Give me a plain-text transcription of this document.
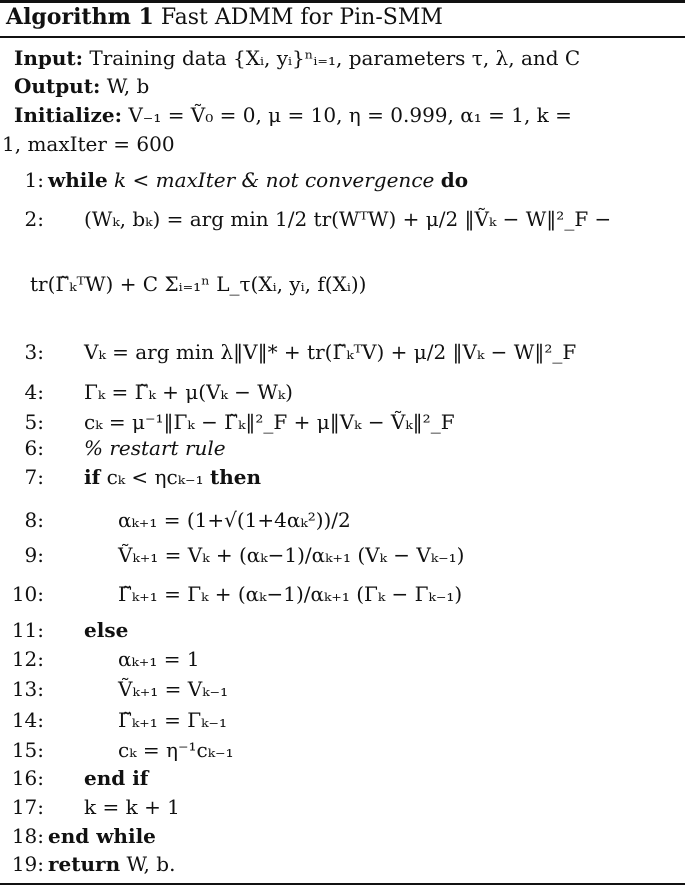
Algorithm 1 Fast ADMM for Pin-SMM
Input: Training data {Xᵢ, yᵢ}ⁿᵢ₌₁, parameters τ, λ, and C
Output: W, b
Initialize: V₋₁ = Ṽ₀ = 0, μ = 10, η = 0.999, α₁ = 1, k =
1, maxIter = 600
1: while k < maxIter & not convergence do
2: (Wₖ, bₖ) = arg min 1/2 tr(WᵀW) + μ/2 ‖Ṽₖ − W‖²_F −
tr(Γ̃ₖᵀW) + C Σᵢ₌₁ⁿ L_τ(Xᵢ, yᵢ, f(Xᵢ))
3: Vₖ = arg min λ‖V‖* + tr(Γ̃ₖᵀV) + μ/2 ‖Vₖ − W‖²_F
4: Γₖ = Γ̃ₖ + μ(Vₖ − Wₖ)
5: cₖ = μ⁻¹‖Γₖ − Γ̃ₖ‖²_F + μ‖Vₖ − Ṽₖ‖²_F
6: % restart rule
7: if cₖ < ηcₖ₋₁ then
8:	αₖ₊₁ = (1+√(1+4αₖ²))/2
9:	Ṽₖ₊₁ = Vₖ + (αₖ−1)/αₖ₊₁ (Vₖ − Vₖ₋₁)
10:	Γ̃ₖ₊₁ = Γₖ + (αₖ−1)/αₖ₊₁ (Γₖ − Γₖ₋₁)
11: else
12:	αₖ₊₁ = 1
13:	Ṽₖ₊₁ = Vₖ₋₁
14:	Γ̃ₖ₊₁ = Γₖ₋₁
15:	cₖ = η⁻¹cₖ₋₁
16: end if
17: k = k + 1
18: end while
19: return W, b.
